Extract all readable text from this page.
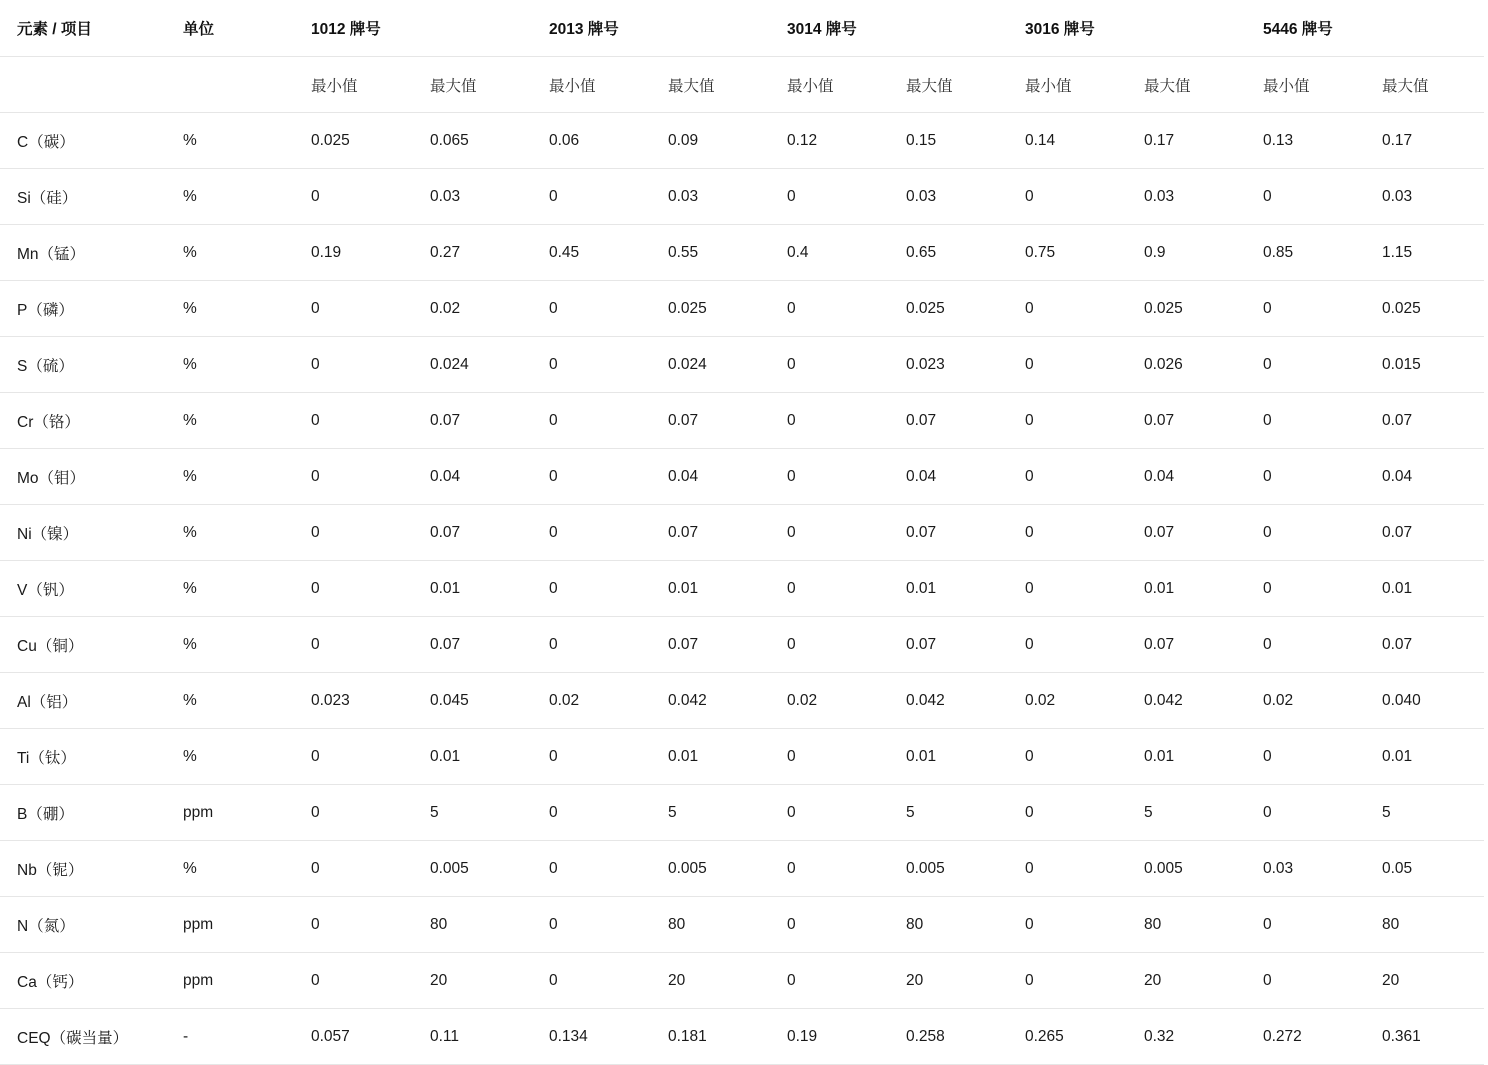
元素 / 项目	单位	1012 牌号		2013 牌号		3014 牌号		3016 牌号		5446 牌号	
		最小值	最大值	最小值	最大值	最小值	最大值	最小值	最大值	最小值	最大值
C（碳）	%	0.025	0.065	0.06	0.09	0.12	0.15	0.14	0.17	0.13	0.17
Si（硅）	%	0	0.03	0	0.03	0	0.03	0	0.03	0	0.03
Mn（锰）	%	0.19	0.27	0.45	0.55	0.4	0.65	0.75	0.9	0.85	1.15
P（磷）	%	0	0.02	0	0.025	0	0.025	0	0.025	0	0.025
S（硫）	%	0	0.024	0	0.024	0	0.023	0	0.026	0	0.015
Cr（铬）	%	0	0.07	0	0.07	0	0.07	0	0.07	0	0.07
Mo（钼）	%	0	0.04	0	0.04	0	0.04	0	0.04	0	0.04
Ni（镍）	%	0	0.07	0	0.07	0	0.07	0	0.07	0	0.07
V（钒）	%	0	0.01	0	0.01	0	0.01	0	0.01	0	0.01
Cu（铜）	%	0	0.07	0	0.07	0	0.07	0	0.07	0	0.07
Al（铝）	%	0.023	0.045	0.02	0.042	0.02	0.042	0.02	0.042	0.02	0.040
Ti（钛）	%	0	0.01	0	0.01	0	0.01	0	0.01	0	0.01
B（硼）	ppm	0	5	0	5	0	5	0	5	0	5
Nb（铌）	%	0	0.005	0	0.005	0	0.005	0	0.005	0.03	0.05
N（氮）	ppm	0	80	0	80	0	80	0	80	0	80
Ca（钙）	ppm	0	20	0	20	0	20	0	20	0	20
CEQ（碳当量）	-	0.057	0.11	0.134	0.181	0.19	0.258	0.265	0.32	0.272	0.361
